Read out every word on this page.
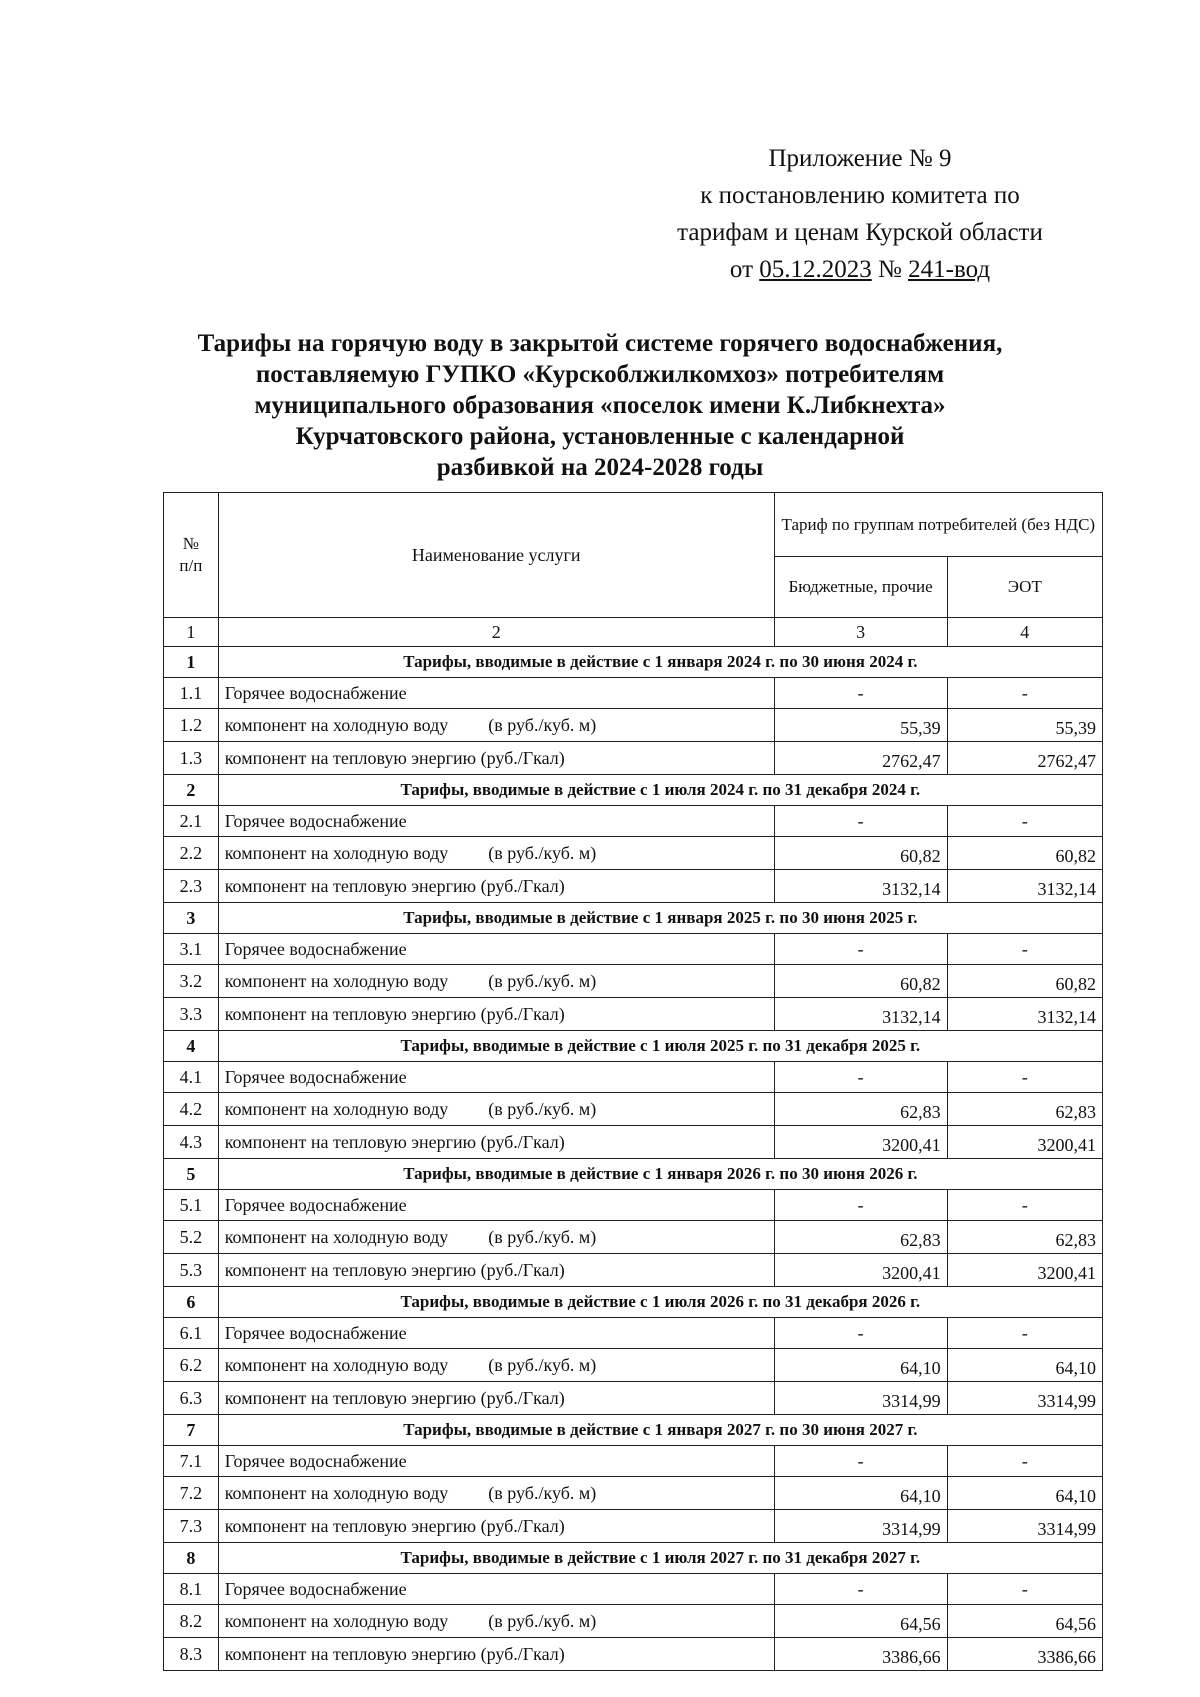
Приложение № 9
к постановлению комитета по
тарифам и ценам Курской области
от 05.12.2023 № 241-вод
Тарифы на горячую воду в закрытой системе горячего водоснабжения,
поставляемую ГУПКО «Курскоблжилкомхоз» потребителям
муниципального образования «поселок имени К.Либкнехта»
Курчатовского района, установленные с календарной
разбивкой на 2024-2028 годы
№
п/п	Наименование услуги	Тариф по группам потребителей (без НДС)	
		Бюджетные, прочие	ЭОТ
1	2	3	4
1	Тарифы, вводимые в действие с 1 января 2024 г. по 30 июня 2024 г.		
1.1	Горячее водоснабжение	-	-
1.2	компонент на холодную воду (в руб./куб. м)	55,39	55,39
1.3	компонент на тепловую энергию (руб./Гкал)	2762,47	2762,47
2	Тарифы, вводимые в действие с 1 июля 2024 г. по 31 декабря 2024 г.		
2.1	Горячее водоснабжение	-	-
2.2	компонент на холодную воду (в руб./куб. м)	60,82	60,82
2.3	компонент на тепловую энергию (руб./Гкал)	3132,14	3132,14
3	Тарифы, вводимые в действие с 1 января 2025 г. по 30 июня 2025 г.		
3.1	Горячее водоснабжение	-	-
3.2	компонент на холодную воду (в руб./куб. м)	60,82	60,82
3.3	компонент на тепловую энергию (руб./Гкал)	3132,14	3132,14
4	Тарифы, вводимые в действие с 1 июля 2025 г. по 31 декабря 2025 г.		
4.1	Горячее водоснабжение	-	-
4.2	компонент на холодную воду (в руб./куб. м)	62,83	62,83
4.3	компонент на тепловую энергию (руб./Гкал)	3200,41	3200,41
5	Тарифы, вводимые в действие с 1 января 2026 г. по 30 июня 2026 г.		
5.1	Горячее водоснабжение	-	-
5.2	компонент на холодную воду (в руб./куб. м)	62,83	62,83
5.3	компонент на тепловую энергию (руб./Гкал)	3200,41	3200,41
6	Тарифы, вводимые в действие с 1 июля 2026 г. по 31 декабря 2026 г.		
6.1	Горячее водоснабжение	-	-
6.2	компонент на холодную воду (в руб./куб. м)	64,10	64,10
6.3	компонент на тепловую энергию (руб./Гкал)	3314,99	3314,99
7	Тарифы, вводимые в действие с 1 января 2027 г. по 30 июня 2027 г.		
7.1	Горячее водоснабжение	-	-
7.2	компонент на холодную воду (в руб./куб. м)	64,10	64,10
7.3	компонент на тепловую энергию (руб./Гкал)	3314,99	3314,99
8	Тарифы, вводимые в действие с 1 июля 2027 г. по 31 декабря 2027 г.		
8.1	Горячее водоснабжение	-	-
8.2	компонент на холодную воду (в руб./куб. м)	64,56	64,56
8.3	компонент на тепловую энергию (руб./Гкал)	3386,66	3386,66
